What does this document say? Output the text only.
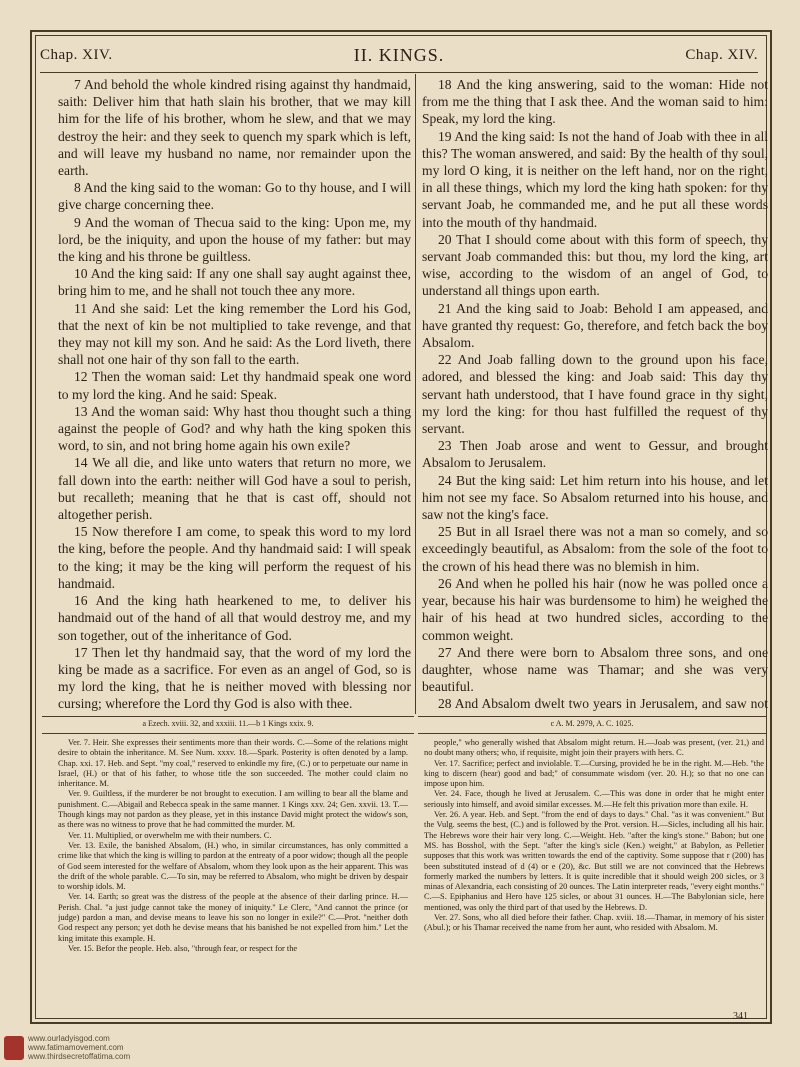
Chap. XIV.	II. KINGS.	Chap. XIV.

7 And behold the whole kindred rising against thy handmaid, saith: Deliver him that hath slain his brother, that we may kill him for the life of his brother, whom he slew, and that we may destroy the heir: and they seek to quench my spark which is left, and will leave my husband no name, nor remainder upon the earth.

8 And the king said to the woman: Go to thy house, and I will give charge concerning thee.

9 And the woman of Thecua said to the king: Upon me, my lord, be the iniquity, and upon the house of my father: but may the king and his throne be guiltless.

10 And the king said: If any one shall say aught against thee, bring him to me, and he shall not touch thee any more.

11 And she said: Let the king remember the Lord his God, that the next of kin be not multiplied to take revenge, and that they may not kill my son. And he said: As the Lord liveth, there shall not one hair of thy son fall to the earth.

12 Then the woman said: Let thy handmaid speak one word to my lord the king. And he said: Speak.

13 And the woman said: Why hast thou thought such a thing against the people of God? and why hath the king spoken this word, to sin, and not bring home again his own exile?

14 We all die, and like unto waters that return no more, we fall down into the earth: neither will God have a soul to perish, but recalleth; meaning that he that is cast off, should not altogether perish.

15 Now therefore I am come, to speak this word to my lord the king, before the people. And thy handmaid said: I will speak to the king; it may be the king will perform the request of his handmaid.

16 And the king hath hearkened to me, to deliver his handmaid out of the hand of all that would destroy me, and my son together, out of the inheritance of God.

17 Then let thy handmaid say, that the word of my lord the king be made as a sacrifice. For even as an angel of God, so is my lord the king, that he is neither moved with blessing nor cursing; wherefore the Lord thy God is also with thee.

18 And the king answering, said to the woman: Hide not from me the thing that I ask thee. And the woman said to him: Speak, my lord the king.

19 And the king said: Is not the hand of Joab with thee in all this? The woman answered, and said: By the health of thy soul, my lord O king, it is neither on the left hand, nor on the right, in all these things, which my lord the king hath spoken: for thy servant Joab, he commanded me, and he put all these words into the mouth of thy handmaid.

20 That I should come about with this form of speech, thy servant Joab commanded this: but thou, my lord the king, art wise, according to the wisdom of an angel of God, to understand all things upon earth.

21 And the king said to Joab: Behold I am appeased, and have granted thy request: Go, therefore, and fetch back the boy Absalom.

22 And Joab falling down to the ground upon his face, adored, and blessed the king: and Joab said: This day thy servant hath understood, that I have found grace in thy sight, my lord the king: for thou hast fulfilled the request of thy servant.

23 Then Joab arose and went to Gessur, and brought Absalom to Jerusalem.

24 But the king said: Let him return into his house, and let him not see my face. So Absalom returned into his house, and saw not the king's face.

25 But in all Israel there was not a man so comely, and so exceedingly beautiful, as Absalom: from the sole of the foot to the crown of his head there was no blemish in him.

26 And when he polled his hair (now he was polled once a year, because his hair was burdensome to him) he weighed the hair of his head at two hundred sicles, according to the common weight.

27 And there were born to Absalom three sons, and one daughter, whose name was Thamar; and she was very beautiful.

28 And Absalom dwelt two years in Jerusalem, and saw not

a Ezech. xviii. 32, and xxxiii. 11.—b 1 Kings xxix. 9.	c A. M. 2979, A. C. 1025.

Ver. 7. Heir. She expresses their sentiments more than their words. C.—Some of the relations might desire to obtain the inheritance. M. See Num. xxxv. 18.—Spark. Posterity is often denoted by a lamp. Chap. xxi. 17. Heb. and Sept. "my coal," reserved to enkindle my fire, (C.) or to perpetuate our name in Israel, (H.) or that of his father, to whose title the son succeeded. The mother could claim no inheritance. M.

Ver. 9. Guiltless, if the murderer be not brought to execution. I am willing to bear all the blame and punishment. C.—Abigail and Rebecca speak in the same manner. 1 Kings xxv. 24; Gen. xxvii. 13. T.—Though kings may not pardon as they please, yet in this instance David might protect the widow's son, as there was no witness to prove that he had committed the murder. M.

Ver. 11. Multiplied, or overwhelm me with their numbers. C.

Ver. 13. Exile, the banished Absalom, (H.) who, in similar circumstances, has only committed a crime like that which the king is willing to pardon at the entreaty of a poor widow; though all the people of God seem interested for the welfare of Absalom, whom they look upon as the heir apparent. This was the drift of the whole parable. C.—To sin, may be referred to Absalom, who might be driven by despair to worship idols. M.

Ver. 14. Earth; so great was the distress of the people at the absence of their darling prince. H.—Perish. Chal. "a just judge cannot take the money of iniquity." Le Clerc, "And cannot the prince (or judge) pardon a man, and devise means to leave his son no longer in exile?" C.—Prot. "neither doth God respect any person; yet doth he devise means that his banished be not expelled from him." Let the king imitate this example. H.

Ver. 15. Befor the people. Heb. also, "through fear, or respect for the

people," who generally wished that Absalom might return. H.—Joab was present, (ver. 21,) and no doubt many others; who, if requisite, might join their prayers with hers. C.

Ver. 17. Sacrifice; perfect and inviolable. T.—Cursing, provided he be in the right. M.—Heb. "the king to discern (hear) good and bad;" of consummate wisdom (ver. 20. H.); so that no one can impose upon him.

Ver. 24. Face, though he lived at Jerusalem. C.—This was done in order that he might enter seriously into himself, and avoid similar excesses. M.—He felt this privation more than exile. H.

Ver. 26. A year. Heb. and Sept. "from the end of days to days." Chal. "as it was convenient." But the Vulg. seems the best, (C.) and is followed by the Prot. version. H.—Sicles, including all his hair. The Hebrews wore their hair very long. C.—Weight. Heb. "after the king's stone." Babon; but one MS. has Bosshol, with the Sept. "after the king's sicle (Ken.) weight," at Babylon, as Pelletier supposes that this work was written towards the end of the captivity. Some suppose that r (200) has been substituted instead of d (4) or e (20), &c. But still we are not convinced that the Hebrews formerly marked the numbers by letters. It is quite incredible that it should weigh 200 sicles, or 3 minas of Alexandria, each consisting of 20 ounces. The Latin interpreter reads, "every eight months." C.—S. Epiphanius and Hero have 125 sicles, or about 31 ounces. H.—The Babylonian sicle, here mentioned, was only the third part of that used by the Hebrews. D.

Ver. 27. Sons, who all died before their father. Chap. xviii. 18.—Thamar, in memory of his sister (Abul.); or his Thamar received the name from her aunt, who resided with Absalom. M.

341
www.ourladyisgod.com
www.fatimamovement.com
www.thirdsecretoffatima.com
